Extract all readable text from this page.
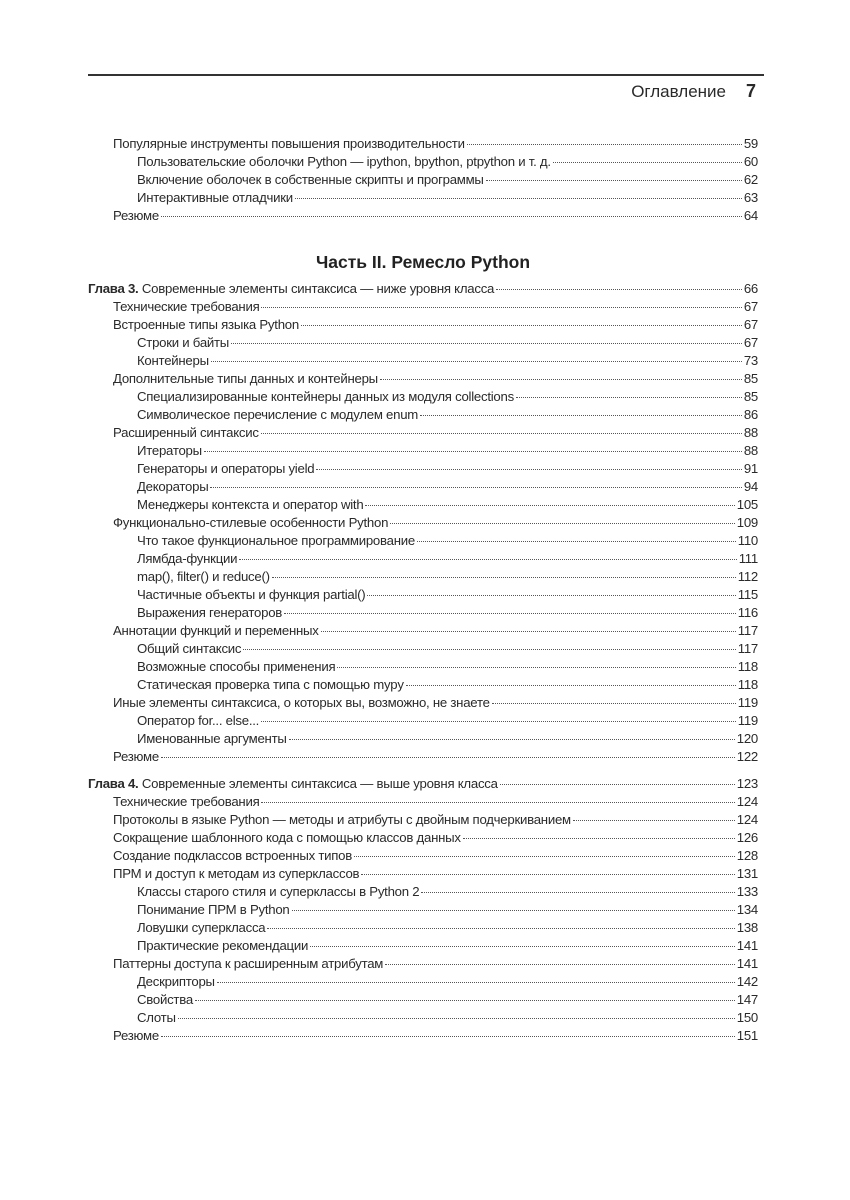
Оглавление 7
Популярные инструменты повышения производительности	59
Пользовательские оболочки Python — ipython, bpython, ptpython и т. д.	60
Включение оболочек в собственные скрипты и программы	62
Интерактивные отладчики	63
Резюме	64
Часть II. Ремесло Python
Глава 3. Современные элементы синтаксиса — ниже уровня класса	66
Технические требования	67
Встроенные типы языка Python	67
Строки и байты	67
Контейнеры	73
Дополнительные типы данных и контейнеры	85
Специализированные контейнеры данных из модуля collections	85
Символическое перечисление с модулем enum	86
Расширенный синтаксис	88
Итераторы	88
Генераторы и операторы yield	91
Декораторы	94
Менеджеры контекста и оператор with	105
Функционально-стилевые особенности Python	109
Что такое функциональное программирование	110
Лямбда-функции	111
map(), filter() и reduce()	112
Частичные объекты и функция partial()	115
Выражения генераторов	116
Аннотации функций и переменных	117
Общий синтаксис	117
Возможные способы применения	118
Статическая проверка типа с помощью mypy	118
Иные элементы синтаксиса, о которых вы, возможно, не знаете	119
Оператор for... else...	119
Именованные аргументы	120
Резюме	122
Глава 4. Современные элементы синтаксиса — выше уровня класса	123
Технические требования	124
Протоколы в языке Python — методы и атрибуты с двойным подчеркиванием	124
Сокращение шаблонного кода с помощью классов данных	126
Создание подклассов встроенных типов	128
ПРМ и доступ к методам из суперклассов	131
Классы старого стиля и суперклассы в Python 2	133
Понимание ПРМ в Python	134
Ловушки суперкласса	138
Практические рекомендации	141
Паттерны доступа к расширенным атрибутам	141
Дескрипторы	142
Свойства	147
Слоты	150
Резюме	151
